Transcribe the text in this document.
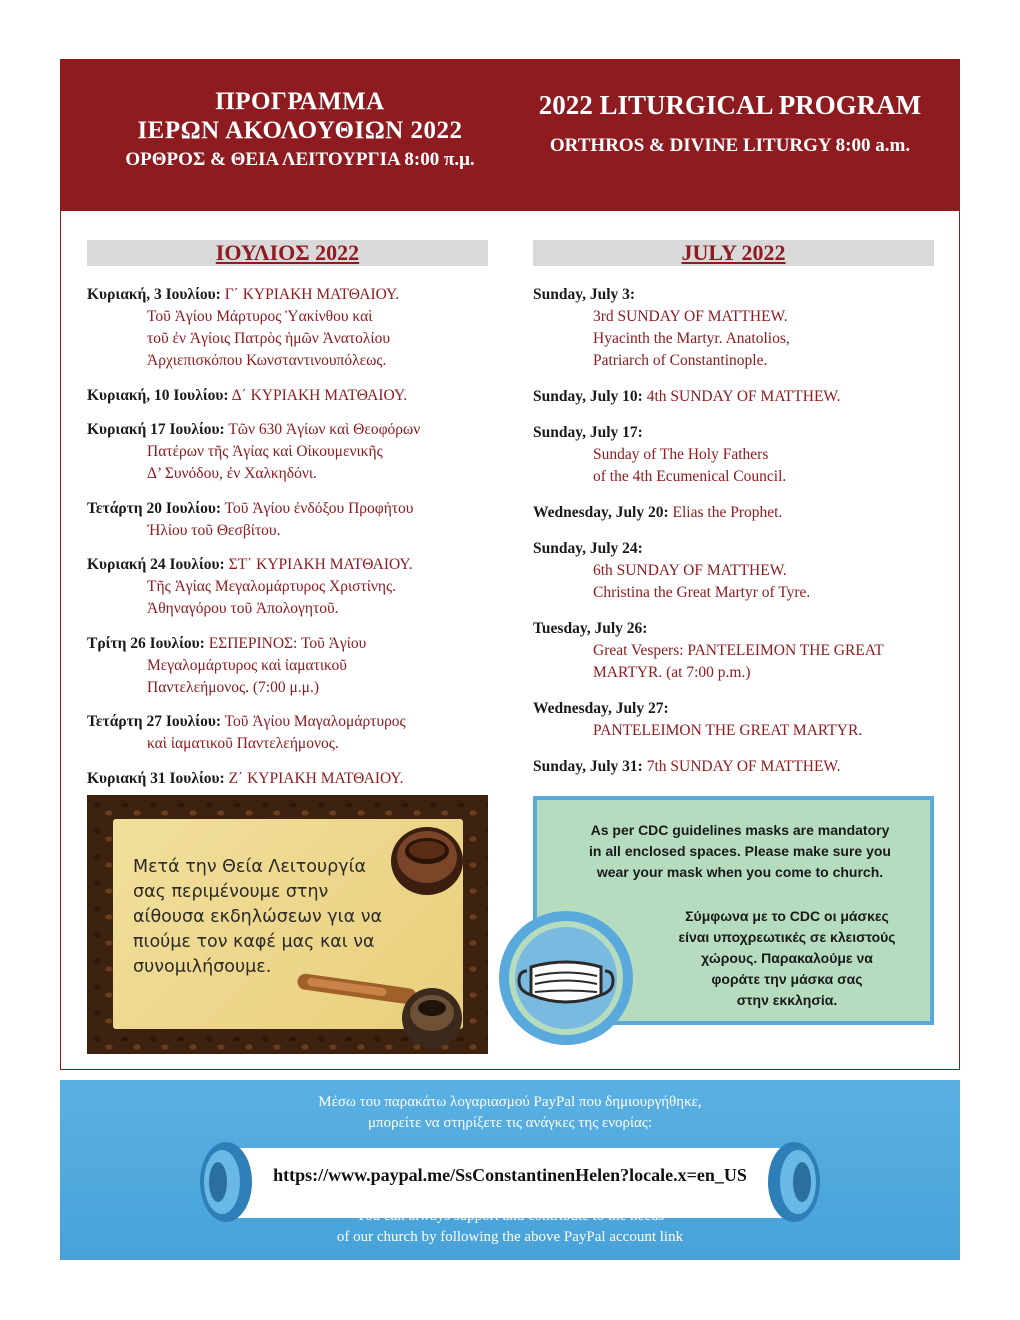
ΠΡΟΓΡΑΜΜΑ
ΙΕΡΩΝ ΑΚΟΛΟΥΘΙΩΝ 2022
ΟΡΘΡΟΣ & ΘΕΙΑ ΛΕΙΤΟΥΡΓΙΑ 8:00 π.μ.
2022 LITURGICAL PROGRAM
ORTHROS & DIVINE LITURGY 8:00 a.m.
ΙΟΥΛΙΟΣ 2022	JULY 2022
Κυριακή, 3 Ιουλίου: Γ΄ ΚΥΡΙΑΚΗ ΜΑΤΘΑΙΟΥ.
Τοῦ Ἁγίου Μάρτυρος Ὑακίνθου καὶ
τοῦ ἐν Ἁγίοις Πατρὸς ἡμῶν Ἀνατολίου
Ἀρχιεπισκόπου Κωνσταντινουπόλεως.
Κυριακή, 10 Ιουλίου: Δ΄ ΚΥΡΙΑΚΗ ΜΑΤΘΑΙΟΥ.
Κυριακή 17 Ιουλίου: Τῶν 630 Ἁγίων καὶ Θεοφόρων
Πατέρων τῆς Ἁγίας καὶ Οἰκουμενικῆς
Δ’ Συνόδου, ἐν Χαλκηδόνι.
Τετάρτη 20 Ιουλίου: Τοῦ Ἁγίου ἐνδόξου Προφήτου
Ἠλίου τοῦ Θεσβίτου.
Κυριακή 24 Ιουλίου: ΣΤ΄ ΚΥΡΙΑΚΗ ΜΑΤΘΑΙΟΥ.
Τῆς Ἁγίας Μεγαλομάρτυρος Χριστίνης.
Ἀθηναγόρου τοῦ Ἀπολογητοῦ.
Τρίτη 26 Ιουλίου: ΕΣΠΕΡΙΝΟΣ: Τοῦ Ἁγίου
Μεγαλομάρτυρος καὶ ἰαματικοῦ
Παντελεήμονος. (7:00 μ.μ.)
Τετάρτη 27 Ιουλίου: Τοῦ Ἁγίου Μαγαλομάρτυρος
καὶ ἰαματικοῦ Παντελεήμονος.
Κυριακή 31 Ιουλίου: Ζ΄ ΚΥΡΙΑΚΗ ΜΑΤΘΑΙΟΥ.
Sunday, July 3:
3rd SUNDAY OF MATTHEW.
Hyacinth the Martyr. Anatolios,
Patriarch of Constantinople.
Sunday, July 10: 4th SUNDAY OF MATTHEW.
Sunday, July 17:
Sunday of The Holy Fathers
of the 4th Ecumenical Council.
Wednesday, July 20: Elias the Prophet.
Sunday, July 24:
6th SUNDAY OF MATTHEW.
Christina the Great Martyr of Tyre.
Tuesday, July 26:
Great Vespers: PANTELEIMON THE GREAT
MARTYR. (at 7:00 p.m.)
Wednesday, July 27:
PANTELEIMON THE GREAT MARTYR.
Sunday, July 31: 7th SUNDAY OF MATTHEW.
Μετά την Θεία Λειτουργία
σας περιμένουμε στην
αίθουσα εκδηλώσεων για να
πιούμε τον καφέ μας και να
συνομιλήσουμε.
As per CDC guidelines masks are mandatory
in all enclosed spaces. Please make sure you
wear your mask when you come to church.
Σύμφωνα με το CDC οι μάσκες
είναι υποχρεωτικές σε κλειστούς
χώρους. Παρακαλούμε να
φοράτε την μάσκα σας
στην εκκλησία.
Μέσω του παρακάτω λογαριασμού PayPal που δημιουργήθηκε,
μπορείτε να στηρίξετε τις ανάγκες της ενορίας:
https://www.paypal.me/SsConstantinenHelen?locale.x=en_US
You can always support and contribute to the needs
of our church by following the above PayPal account link
